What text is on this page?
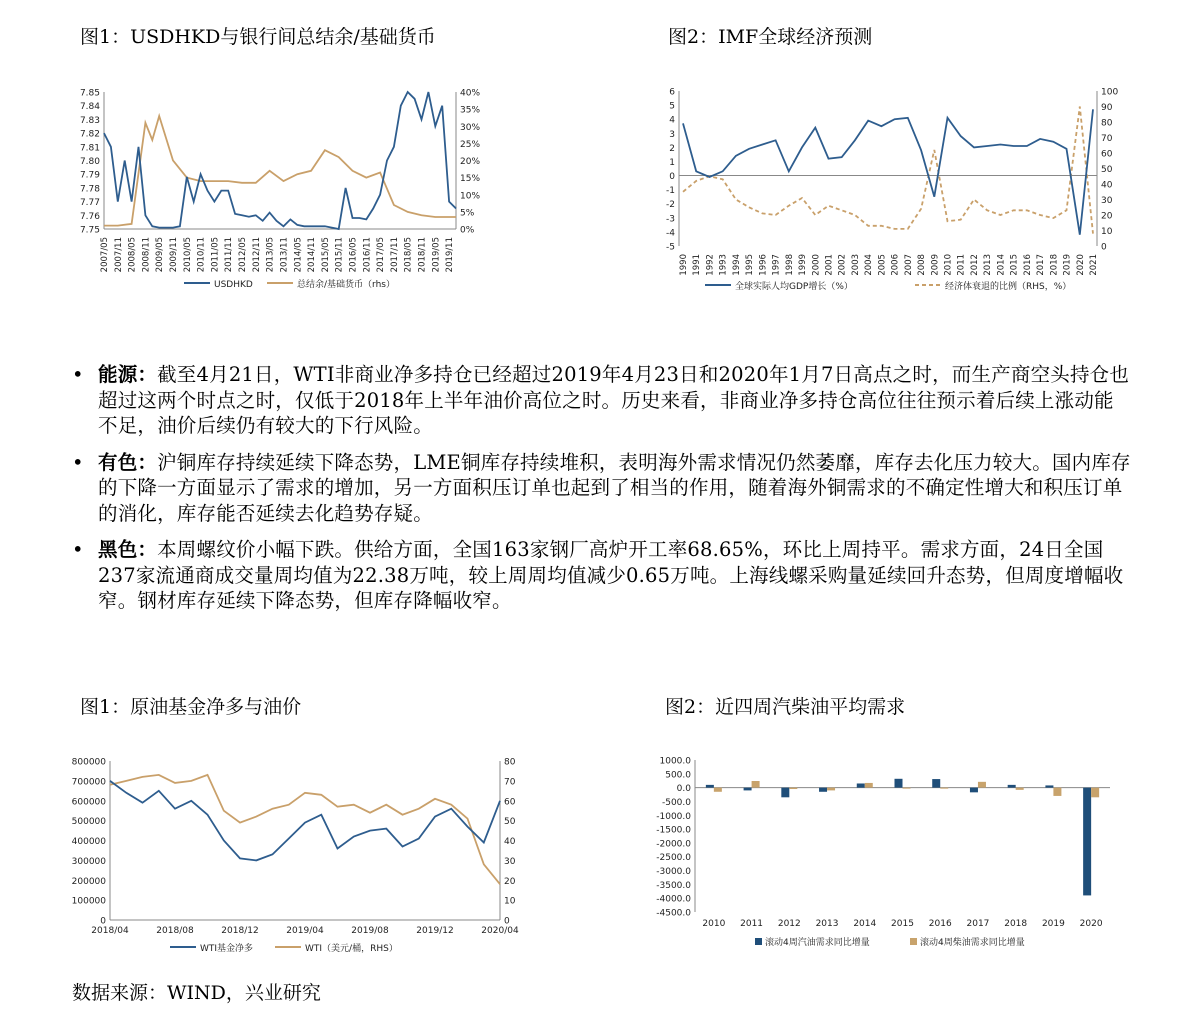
图1：USDHKD与银行间总结余/基础货币
7.85
7.84
7.83
7.82
7.81
7.80
7.79
7.78
7.77
7.76
7.75
40%
35%
30%
25%
20%
15%
10%
5%
0%
2007/05 2007/11 2008/05 2008/11 2009/05 2009/11 2010/05 2010/11 2011/05 2011/11 2012/05 2012/11 2013/05 2013/11 2014/05 2014/11 2015/05 2015/11 2016/05 2016/11 2017/05 2017/11 2018/05 2018/11 2019/05 2019/11
USDHKD	总结余/基础货币（rhs）
图2：IMF全球经济预测
6
5
4
3
2
1
0
-1
-2
-3
-4
-5
100
90
80
70
60
50
40
30
20
10
0
1990 1991 1992 1993 1994 1995 1996 1997 1998 1999 2000 2001 2002 2003 2004 2005 2006 2007 2008 2009 2010 2011 2012 2013 2014 2015 2016 2017 2018 2019 2020 2021
全球实际人均GDP增长（%）	经济体衰退的比例（RHS，%）
• 能源：截至4月21日，WTI非商业净多持仓已经超过2019年4月23日和2020年1月7日高点之时，而生产商空头持仓也超过这两个时点之时，仅低于2018年上半年油价高位之时。历史来看，非商业净多持仓高位往往预示着后续上涨动能不足，油价后续仍有较大的下行风险。
• 有色：沪铜库存持续延续下降态势，LME铜库存持续堆积，表明海外需求情况仍然萎靡，库存去化压力较大。国内库存的下降一方面显示了需求的增加，另一方面积压订单也起到了相当的作用，随着海外铜需求的不确定性增大和积压订单的消化，库存能否延续去化趋势存疑。
• 黑色：本周螺纹价小幅下跌。供给方面，全国163家钢厂高炉开工率68.65%，环比上周持平。需求方面，24日全国237家流通商成交量周均值为22.38万吨，较上周周均值减少0.65万吨。上海线螺采购量延续回升态势，但周度增幅收窄。钢材库存延续下降态势，但库存降幅收窄。
图1：原油基金净多与油价
800000
700000
600000
500000
400000
300000
200000
100000
0
80
70
60
50
40
30
20
10
0
2018/04	2018/08	2018/12	2019/04	2019/08	2019/12	2020/04
WTI基金净多	WTI（美元/桶，RHS）
图2：近四周汽柴油平均需求
1000.0
500.0
0.0
-500.0
-1000.0
-1500.0
-2000.0
-2500.0
-3000.0
-3500.0
-4000.0
-4500.0
2010 2011 2012 2013 2014 2015 2016 2017 2018 2019 2020
滚动4周汽油需求同比增量	滚动4周柴油需求同比增量
数据来源：WIND，兴业研究
